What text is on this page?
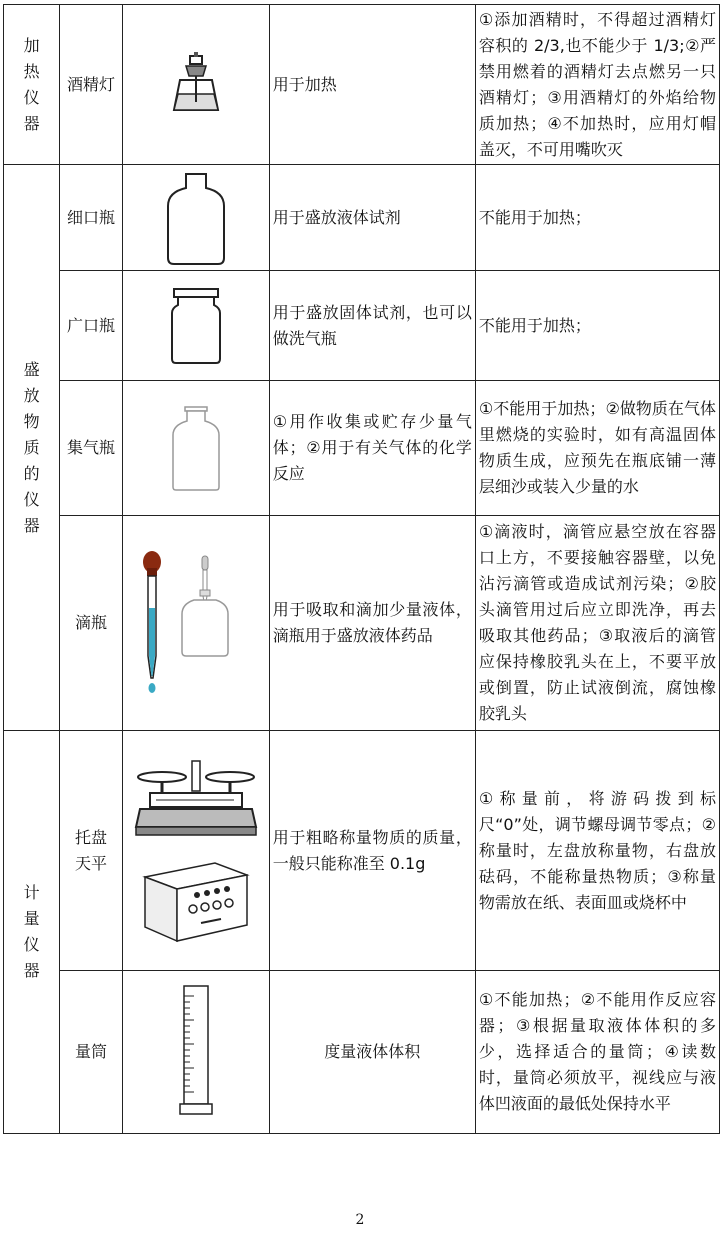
加热仪器	酒精灯		用于加热	①添加酒精时，不得超过酒精灯容积的 2/3,也不能少于 1/3;②严禁用燃着的酒精灯去点燃另一只酒精灯；③用酒精灯的外焰给物质加热；④不加热时，应用灯帽盖灭，不可用嘴吹灭
盛放物质的仪器	细口瓶		用于盛放液体试剂	不能用于加热；
	广口瓶		用于盛放固体试剂，也可以做洗气瓶	不能用于加热；
	集气瓶		①用作收集或贮存少量气体；②用于有关气体的化学反应	①不能用于加热；②做物质在气体里燃烧的实验时，如有高温固体物质生成，应预先在瓶底铺一薄层细沙或装入少量的水
	滴瓶		用于吸取和滴加少量液体，滴瓶用于盛放液体药品	①滴液时，滴管应悬空放在容器口上方，不要接触容器壁，以免沾污滴管或造成试剂污染；②胶头滴管用过后应立即洗净，再去吸取其他药品；③取液后的滴管应保持橡胶乳头在上，不要平放或倒置，防止试液倒流，腐蚀橡胶乳头
计量仪器	托盘天平		用于粗略称量物质的质量，一般只能称准至 0.1g	①称量前，将游码拨到标尺“0”处，调节螺母调节零点；②称量时，左盘放称量物，右盘放砝码，不能称量热物质；③称量物需放在纸、表面皿或烧杯中
	量筒		度量液体体积	①不能加热；②不能用作反应容器；③根据量取液体体积的多少，选择适合的量筒；④读数时，量筒必须放平，视线应与液体凹液面的最低处保持水平
2
